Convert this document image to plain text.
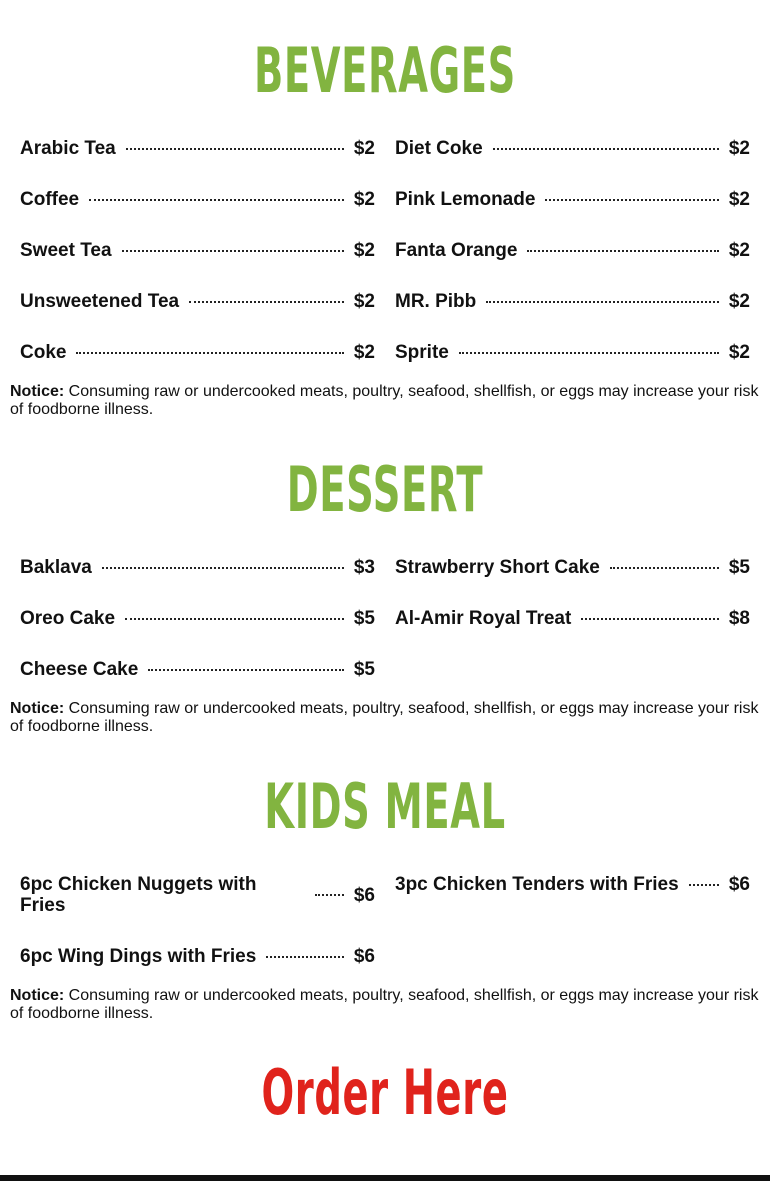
BEVERAGES
Arabic Tea	$2
Coffee	$2
Sweet Tea	$2
Unsweetened Tea	$2
Coke	$2
Diet Coke	$2
Pink Lemonade	$2
Fanta Orange	$2
MR. Pibb	$2
Sprite	$2

Notice: Consuming raw or undercooked meats, poultry, seafood, shellfish, or eggs may increase your risk of foodborne illness.

DESSERT
Baklava	$3
Oreo Cake	$5
Cheese Cake	$5
Strawberry Short Cake	$5
Al-Amir Royal Treat	$8

Notice: Consuming raw or undercooked meats, poultry, seafood, shellfish, or eggs may increase your risk of foodborne illness.

KIDS MEAL
6pc Chicken Nuggets with Fries	$6
6pc Wing Dings with Fries	$6
3pc Chicken Tenders with Fries	$6

Notice: Consuming raw or undercooked meats, poultry, seafood, shellfish, or eggs may increase your risk of foodborne illness.

Order Here
